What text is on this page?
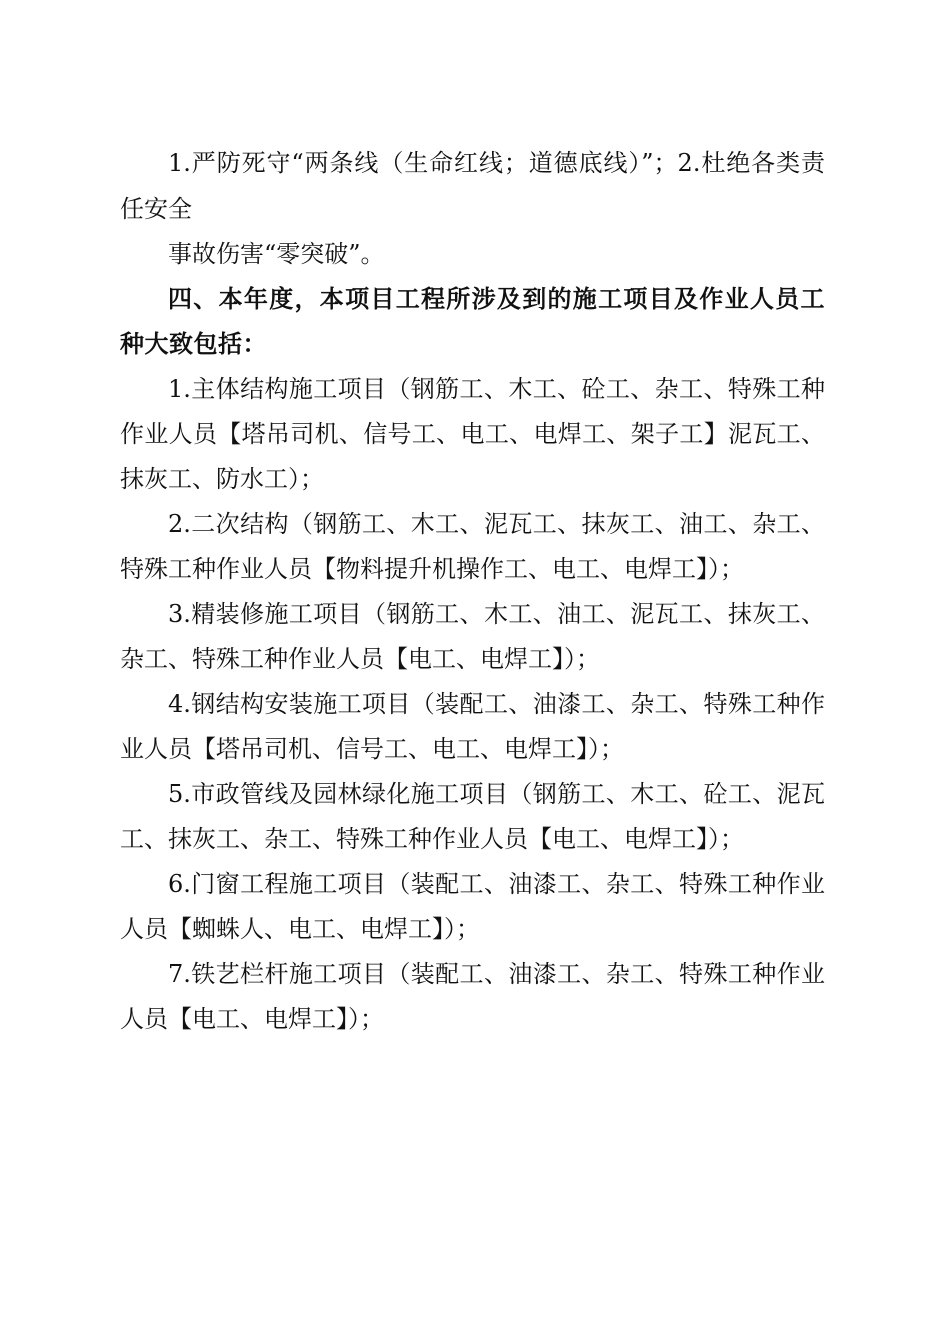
1.严防死守“两条线（生命红线；道德底线）”；2.杜绝各类责任安全

事故伤害“零突破”。

四、本年度，本项目工程所涉及到的施工项目及作业人员工种大致包括：

1.主体结构施工项目（钢筋工、木工、砼工、杂工、特殊工种作业人员【塔吊司机、信号工、电工、电焊工、架子工】泥瓦工、抹灰工、防水工）；

2.二次结构（钢筋工、木工、泥瓦工、抹灰工、油工、杂工、特殊工种作业人员【物料提升机操作工、电工、电焊工】）；

3.精装修施工项目（钢筋工、木工、油工、泥瓦工、抹灰工、杂工、特殊工种作业人员【电工、电焊工】）；

4.钢结构安装施工项目（装配工、油漆工、杂工、特殊工种作业人员【塔吊司机、信号工、电工、电焊工】）；

5.市政管线及园林绿化施工项目（钢筋工、木工、砼工、泥瓦工、抹灰工、杂工、特殊工种作业人员【电工、电焊工】）；

6.门窗工程施工项目（装配工、油漆工、杂工、特殊工种作业人员【蜘蛛人、电工、电焊工】）；

7.铁艺栏杆施工项目（装配工、油漆工、杂工、特殊工种作业人员【电工、电焊工】）；
